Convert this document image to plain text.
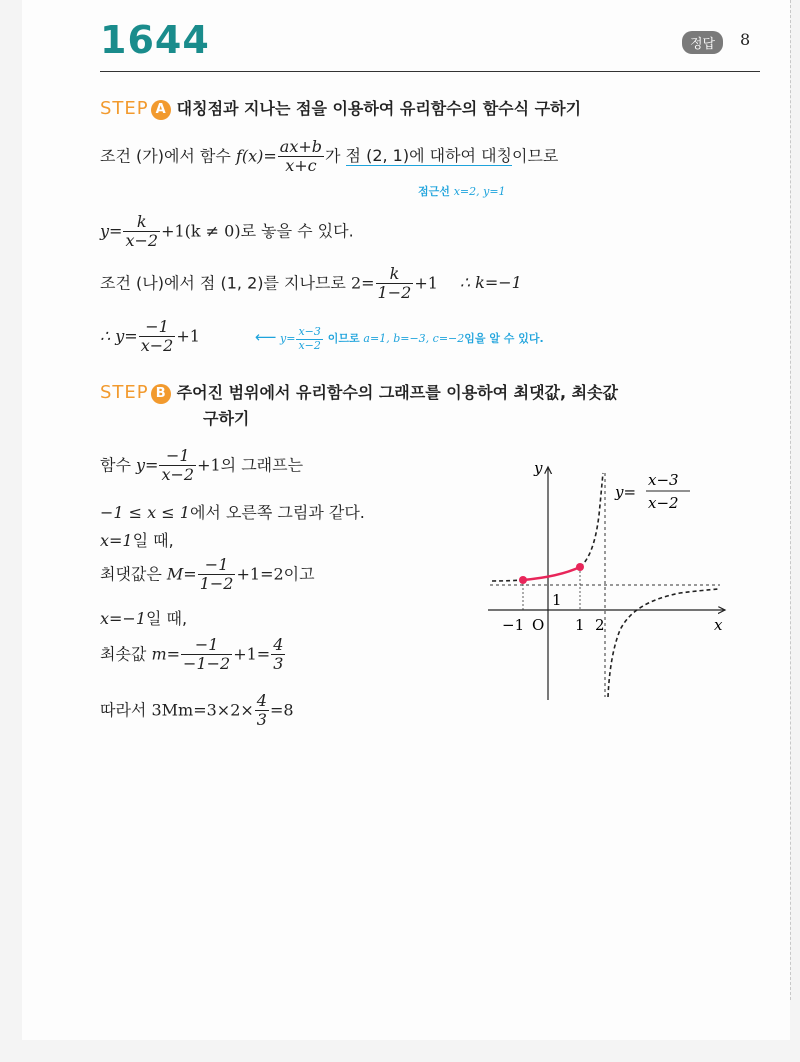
1644	정답	8
STEP A 대칭점과 지나는 점을 이용하여 유리함수의 함수식 구하기
조건 (가)에서 함수 $f(x)= \frac{ax+b}{x+c}$ 가 점 (2, 1)에 대하여 대칭이므로
점근선 x=2, y=1
$y= \frac{k}{x-2} +1(k \ne 0)$로 놓을 수 있다.
조건 (나)에서 점 (1, 2)를 지나므로 $2= \frac{k}{1-2} +1$ ∴ k=−1
∴ $y= \frac{-1}{x-2} +1$	⟵ $y= \frac{x-3}{x-2}$ 이므로 a=1, b=−3, c=−2임을 알 수 있다.
STEP B 주어진 범위에서 유리함수의 그래프를 이용하여 최댓값, 최솟값
구하기
함수 $y= \frac{-1}{x-2} +1$의 그래프는
−1 ≤ x ≤ 1에서 오른쪽 그림과 같다.
x=1일 때,
최댓값은 $M= \frac{-1}{1-2} +1=2$이고
x=−1일 때,
최솟값 $m= \frac{-1}{-1-2} +1= \frac{4}{3}$
따라서 $3Mm=3\times 2\times \frac{4}{3} =8$
y
x
−1 O 1 2
1
y=
x−3
x−2
